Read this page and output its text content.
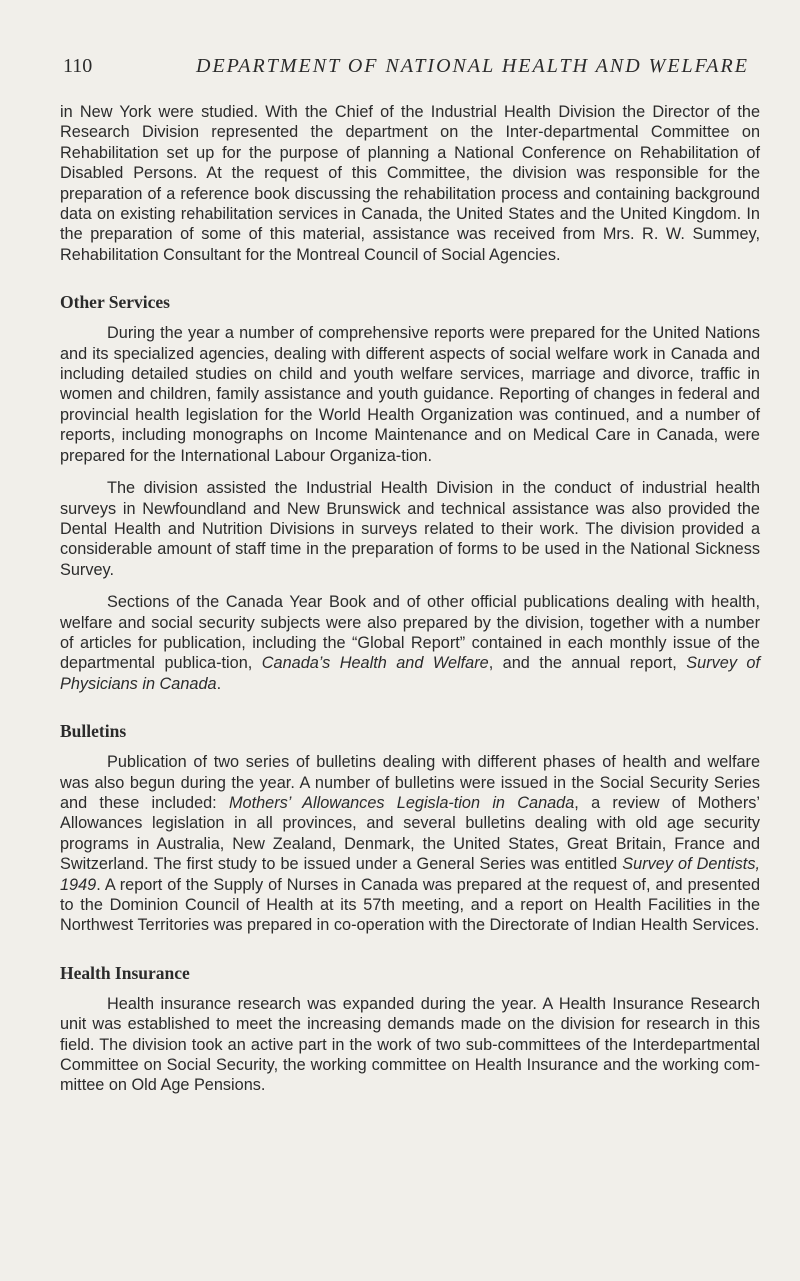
110	DEPARTMENT OF NATIONAL HEALTH AND WELFARE

in New York were studied. With the Chief of the Industrial Health Division the Director of the Research Division represented the department on the Inter-departmental Committee on Rehabilitation set up for the purpose of planning a National Conference on Rehabilitation of Disabled Persons. At the request of this Committee, the division was responsible for the preparation of a reference book discussing the rehabilitation process and containing background data on existing rehabilitation services in Canada, the United States and the United Kingdom. In the preparation of some of this material, assistance was received from Mrs. R. W. Summey, Rehabilitation Consultant for the Montreal Council of Social Agencies.

Other Services

During the year a number of comprehensive reports were prepared for the United Nations and its specialized agencies, dealing with different aspects of social welfare work in Canada and including detailed studies on child and youth welfare services, marriage and divorce, traffic in women and children, family assistance and youth guidance. Reporting of changes in federal and provincial health legislation for the World Health Organization was continued, and a number of reports, including monographs on Income Maintenance and on Medical Care in Canada, were prepared for the International Labour Organiza-tion.

The division assisted the Industrial Health Division in the conduct of industrial health surveys in Newfoundland and New Brunswick and technical assistance was also provided the Dental Health and Nutrition Divisions in surveys related to their work. The division provided a considerable amount of staff time in the preparation of forms to be used in the National Sickness Survey.

Sections of the Canada Year Book and of other official publications dealing with health, welfare and social security subjects were also prepared by the division, together with a number of articles for publication, including the “Global Report” contained in each monthly issue of the departmental publica-tion, Canada’s Health and Welfare, and the annual report, Survey of Physicians in Canada.

Bulletins

Publication of two series of bulletins dealing with different phases of health and welfare was also begun during the year. A number of bulletins were issued in the Social Security Series and these included: Mothers’ Allowances Legisla-tion in Canada, a review of Mothers’ Allowances legislation in all provinces, and several bulletins dealing with old age security programs in Australia, New Zealand, Denmark, the United States, Great Britain, France and Switzerland. The first study to be issued under a General Series was entitled Survey of Dentists, 1949. A report of the Supply of Nurses in Canada was prepared at the request of, and presented to the Dominion Council of Health at its 57th meeting, and a report on Health Facilities in the Northwest Territories was prepared in co-operation with the Directorate of Indian Health Services.

Health Insurance

Health insurance research was expanded during the year. A Health Insurance Research unit was established to meet the increasing demands made on the division for research in this field. The division took an active part in the work of two sub-committees of the Interdepartmental Committee on Social Security, the working committee on Health Insurance and the working com-mittee on Old Age Pensions.
